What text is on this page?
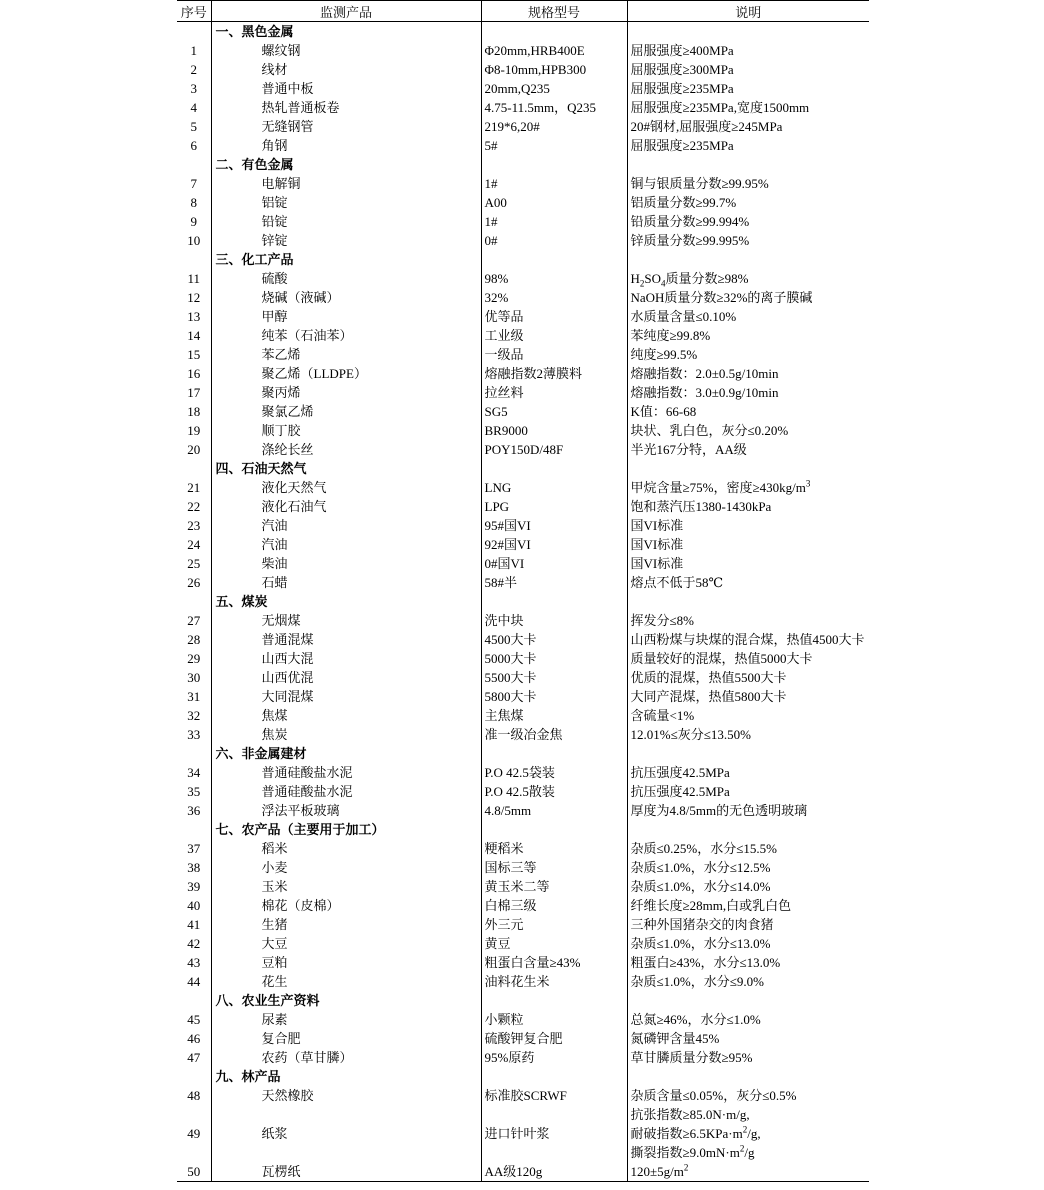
序号	监测产品	规格型号	说明
	一、黑色金属		
1	螺纹钢	Φ20mm,HRB400E	屈服强度≥400MPa
2	线材	Φ8-10mm,HPB300	屈服强度≥300MPa
3	普通中板	20mm,Q235	屈服强度≥235MPa
4	热轧普通板卷	4.75-11.5mm，Q235	屈服强度≥235MPa,宽度1500mm
5	无缝钢管	219*6,20#	20#钢材,屈服强度≥245MPa
6	角钢	5#	屈服强度≥235MPa
	二、有色金属		
7	电解铜	1#	铜与银质量分数≥99.95%
8	铝锭	A00	铝质量分数≥99.7%
9	铅锭	1#	铅质量分数≥99.994%
10	锌锭	0#	锌质量分数≥99.995%
	三、化工产品		
11	硫酸	98%	$H_2SO_4$质量分数≥98%
12	烧碱（液碱）	32%	NaOH质量分数≥32%的离子膜碱
13	甲醇	优等品	水质量含量≤0.10%
14	纯苯（石油苯）	工业级	苯纯度≥99.8%
15	苯乙烯	一级品	纯度≥99.5%
16	聚乙烯（LLDPE）	熔融指数2薄膜料	熔融指数：2.0±0.5g/10min
17	聚丙烯	拉丝料	熔融指数：3.0±0.9g/10min
18	聚氯乙烯	SG5	K值：66-68
19	顺丁胶	BR9000	块状、乳白色，灰分≤0.20%
20	涤纶长丝	POY150D/48F	半光167分特，AA级
	四、石油天然气		
21	液化天然气	LNG	甲烷含量≥75%，密度$\ge 430kg/m^3$
22	液化石油气	LPG	饱和蒸汽压1380-1430kPa
23	汽油	95#国VI	国VI标准
24	汽油	92#国VI	国VI标准
25	柴油	0#国VI	国VI标准
26	石蜡	58#半	熔点不低于58℃
	五、煤炭		
27	无烟煤	洗中块	挥发分≤8%
28	普通混煤	4500大卡	山西粉煤与块煤的混合煤，热值4500大卡
29	山西大混	5000大卡	质量较好的混煤，热值5000大卡
30	山西优混	5500大卡	优质的混煤，热值5500大卡
31	大同混煤	5800大卡	大同产混煤，热值5800大卡
32	焦煤	主焦煤	含硫量<1%
33	焦炭	准一级冶金焦	12.01%≤灰分≤13.50%
	六、非金属建材		
34	普通硅酸盐水泥	P.O 42.5袋装	抗压强度42.5MPa
35	普通硅酸盐水泥	P.O 42.5散装	抗压强度42.5MPa
36	浮法平板玻璃	4.8/5mm	厚度为4.8/5mm的无色透明玻璃
	七、农产品（主要用于加工）		
37	稻米	粳稻米	杂质≤0.25%，水分≤15.5%
38	小麦	国标三等	杂质≤1.0%，水分≤12.5%
39	玉米	黄玉米二等	杂质≤1.0%，水分≤14.0%
40	棉花（皮棉）	白棉三级	纤维长度≥28mm,白或乳白色
41	生猪	外三元	三种外国猪杂交的肉食猪
42	大豆	黄豆	杂质≤1.0%，水分≤13.0%
43	豆粕	粗蛋白含量≥43%	粗蛋白≥43%，水分≤13.0%
44	花生	油料花生米	杂质≤1.0%，水分≤9.0%
	八、农业生产资料		
45	尿素	小颗粒	总氮≥46%，水分≤1.0%
46	复合肥	硫酸钾复合肥	氮磷钾含量45%
47	农药（草甘膦）	95%原药	草甘膦质量分数≥95%
	九、林产品		
48	天然橡胶	标准胶SCRWF	杂质含量≤0.05%，灰分≤0.5%
49	纸浆	进口针叶浆	抗张指数≥85.0N·m/g,
			耐破指数$\ge 6.5KPa\cdot m^2/g$,
			撕裂指数$\ge 9.0mN\cdot m^2/g$
50	瓦楞纸	AA级120g	$120\pm 5g/m^2$
